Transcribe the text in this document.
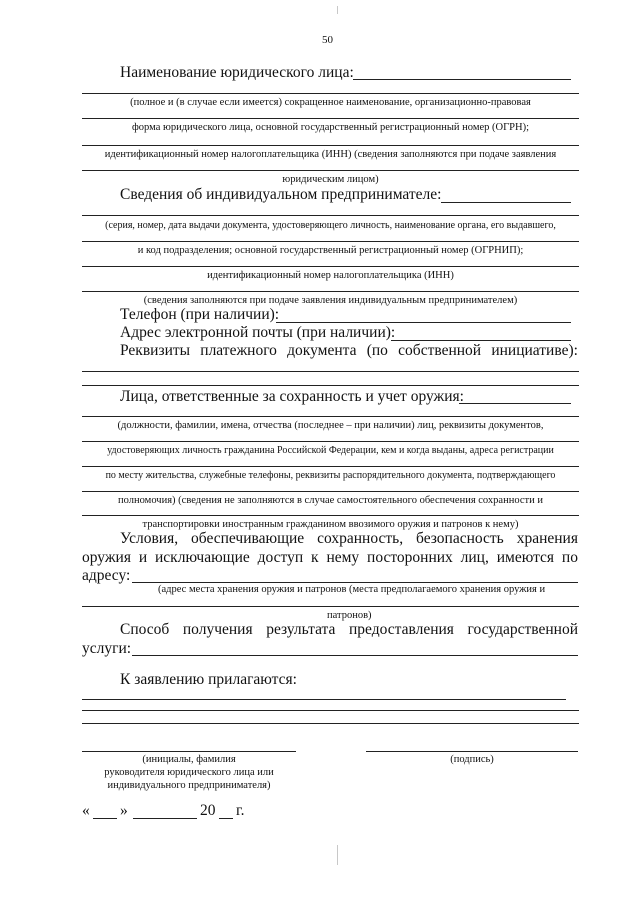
50
Наименование юридического лица:
(полное и (в случае если имеется) сокращенное наименование, организационно-правовая
форма юридического лица, основной государственный регистрационный номер (ОГРН);
идентификационный номер налогоплательщика (ИНН) (сведения заполняются при подаче заявления
юридическим лицом)
Сведения об индивидуальном предпринимателе:
(серия, номер, дата выдачи документа, удостоверяющего личность, наименование органа, его выдавшего,
и код подразделения; основной государственный регистрационный номер (ОГРНИП);
идентификационный номер налогоплательщика (ИНН)
(сведения заполняются при подаче заявления индивидуальным предпринимателем)
Телефон (при наличии):
Адрес электронной почты (при наличии):
Реквизиты платежного документа (по собственной инициативе):
Лица, ответственные за сохранность и учет оружия:
(должности, фамилии, имена, отчества (последнее – при наличии) лиц, реквизиты документов,
удостоверяющих личность гражданина Российской Федерации, кем и когда выданы, адреса регистрации
по месту жительства, служебные телефоны, реквизиты распорядительного документа, подтверждающего
полномочия) (сведения не заполняются в случае самостоятельного обеспечения сохранности и
транспортировки иностранным гражданином ввозимого оружия и патронов к нему)
Условия, обеспечивающие сохранность, безопасность хранения
оружия и исключающие доступ к нему посторонних лиц, имеются по
адресу:
(адрес места хранения оружия и патронов (места предполагаемого хранения оружия и
патронов)
Способ получения результата предоставления государственной
услуги:
К заявлению прилагаются:
(инициалы, фамилия
руководителя юридического лица или
индивидуального предпринимателя)
(подпись)
« »	20 г.
